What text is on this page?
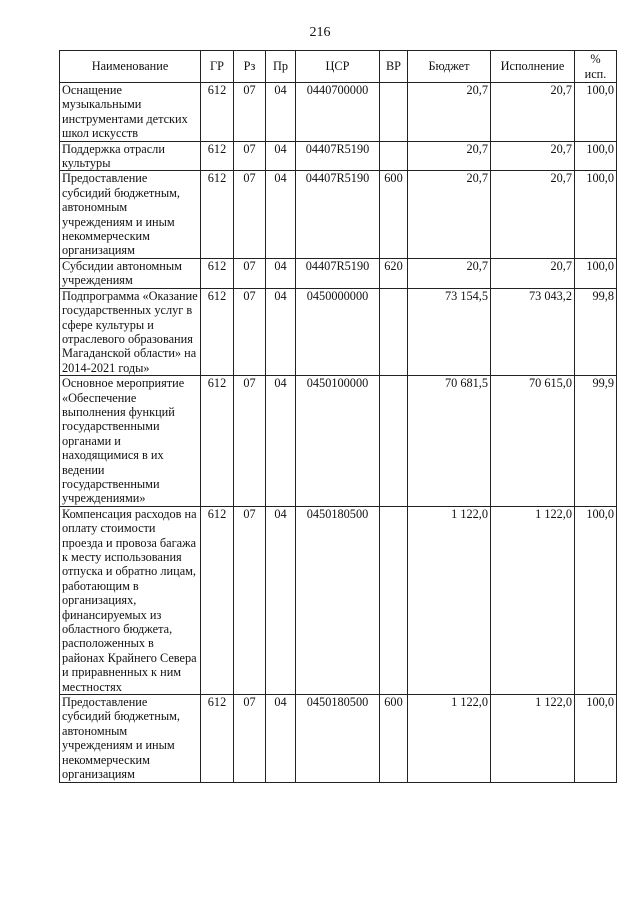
216
Наименование	ГР	Рз	Пр	ЦСР	ВР	Бюджет	Исполнение	%
исп.
Оснащение музыкальными инструментами детских школ искусств	612	07	04	0440700000		20,7	20,7	100,0
Поддержка отрасли культуры	612	07	04	04407R5190		20,7	20,7	100,0
Предоставление субсидий бюджетным, автономным учреждениям и иным некоммерческим организациям	612	07	04	04407R5190	600	20,7	20,7	100,0
Субсидии автономным учреждениям	612	07	04	04407R5190	620	20,7	20,7	100,0
Подпрограмма «Оказание государственных услуг в сфере культуры и отраслевого образования Магаданской области» на 2014-2021 годы»	612	07	04	0450000000		73 154,5	73 043,2	99,8
Основное мероприятие «Обеспечение выполнения функций государственными органами и находящимися в их ведении государственными учреждениями»	612	07	04	0450100000		70 681,5	70 615,0	99,9
Компенсация расходов на оплату стоимости проезда и провоза багажа к месту использования отпуска и обратно лицам, работающим в организациях, финансируемых из областного бюджета, расположенных в районах Крайнего Севера и приравненных к ним местностях	612	07	04	0450180500		1 122,0	1 122,0	100,0
Предоставление субсидий бюджетным, автономным учреждениям и иным некоммерческим организациям	612	07	04	0450180500	600	1 122,0	1 122,0	100,0
